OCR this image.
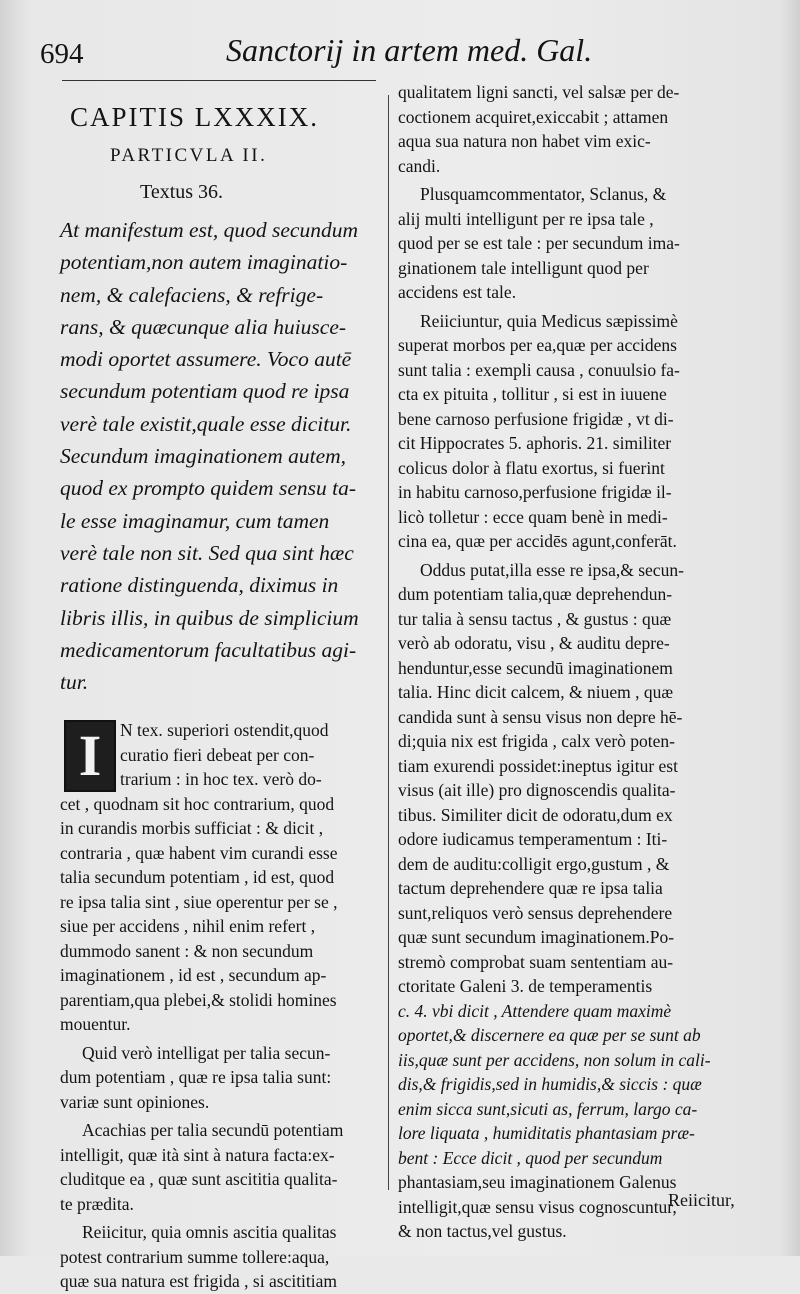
694	Sanctorij in artem med. Gal.
CAPITIS LXXXIX.
PARTICVLA II.
Textus 36.
At manifestum est, quod secundum
potentiam,non autem imaginatio-
nem, & calefaciens, & refrige-
rans, & quæcunque alia huiusce-
modi oportet assumere. Voco autē
secundum potentiam quod re ipsa
verè tale existit,quale esse dicitur.
Secundum imaginationem autem,
quod ex prompto quidem sensu ta-
le esse imaginamur, cum tamen
verè tale non sit. Sed qua sint hæc
ratione distinguenda, diximus in
libris illis, in quibus de simplicium
medicamentorum facultatibus agi-
tur.
I	N tex. superiori ostendit,quod
curatio fieri debeat per con-
trarium : in hoc tex. verò do-
cet , quodnam sit hoc contrarium, quod
in curandis morbis sufficiat : & dicit ,
contraria , quæ habent vim curandi esse
talia secundum potentiam , id est, quod
re ipsa talia sint , siue operentur per se ,
siue per accidens , nihil enim refert ,
dummodo sanent : & non secundum
imaginationem , id est , secundum ap-
parentiam,qua plebei,& stolidi homines
mouentur.
Quid verò intelligat per talia secun-
dum potentiam , quæ re ipsa talia sunt:
variæ sunt opiniones.
Acachias per talia secundū potentiam
intelligit, quæ ità sint à natura facta:ex-
cluditque ea , quæ sunt ascititia qualita-
te prædita.
Reiicitur, quia omnis ascitia qualitas
potest contrarium summe tollere:aqua,
quæ sua natura est frigida , si ascititiam
qualitatem ligni sancti, vel salsæ per de-
coctionem acquiret,exiccabit ; attamen
aqua sua natura non habet vim exic-
candi.
Plusquamcommentator, Sclanus, &
alij multi intelligunt per re ipsa tale ,
quod per se est tale : per secundum ima-
ginationem tale intelligunt quod per
accidens est tale.
Reiiciuntur, quia Medicus sæpissimè
superat morbos per ea,quæ per accidens
sunt talia : exempli causa , conuulsio fa-
cta ex pituita , tollitur , si est in iuuene
bene carnoso perfusione frigidæ , vt di-
cit Hippocrates 5. aphoris. 21. similiter
colicus dolor à flatu exortus, si fuerint
in habitu carnoso,perfusione frigidæ il-
licò tolletur : ecce quam benè in medi-
cina ea, quæ per accidēs agunt,conferāt.
Oddus putat,illa esse re ipsa,& secun-
dum potentiam talia,quæ deprehendun-
tur talia à sensu tactus , & gustus : quæ
verò ab odoratu, visu , & auditu depre-
henduntur,esse secundū imaginationem
talia. Hinc dicit calcem, & niuem , quæ
candida sunt à sensu visus non depre hē-
di;quia nix est frigida , calx verò poten-
tiam exurendi possidet:ineptus igitur est
visus (ait ille) pro dignoscendis qualita-
tibus. Similiter dicit de odoratu,dum ex
odore iudicamus temperamentum : Iti-
dem de auditu:colligit ergo,gustum , &
tactum deprehendere quæ re ipsa talia
sunt,reliquos verò sensus deprehendere
quæ sunt secundum imaginationem.Po-
stremò comprobat suam sententiam au-
ctoritate Galeni 3. de temperamentis
c. 4. vbi dicit , Attendere quam maximè
oportet,& discernere ea quæ per se sunt ab
iis,quæ sunt per accidens, non solum in cali-
dis,& frigidis,sed in humidis,& siccis : quæ
enim sicca sunt,sicuti as, ferrum, largo ca-
lore liquata , humiditatis phantasiam præ-
bent : Ecce dicit , quod per secundum
phantasiam,seu imaginationem Galenus
intelligit,quæ sensu visus cognoscuntur,
& non tactus,vel gustus.
Reiicitur,
